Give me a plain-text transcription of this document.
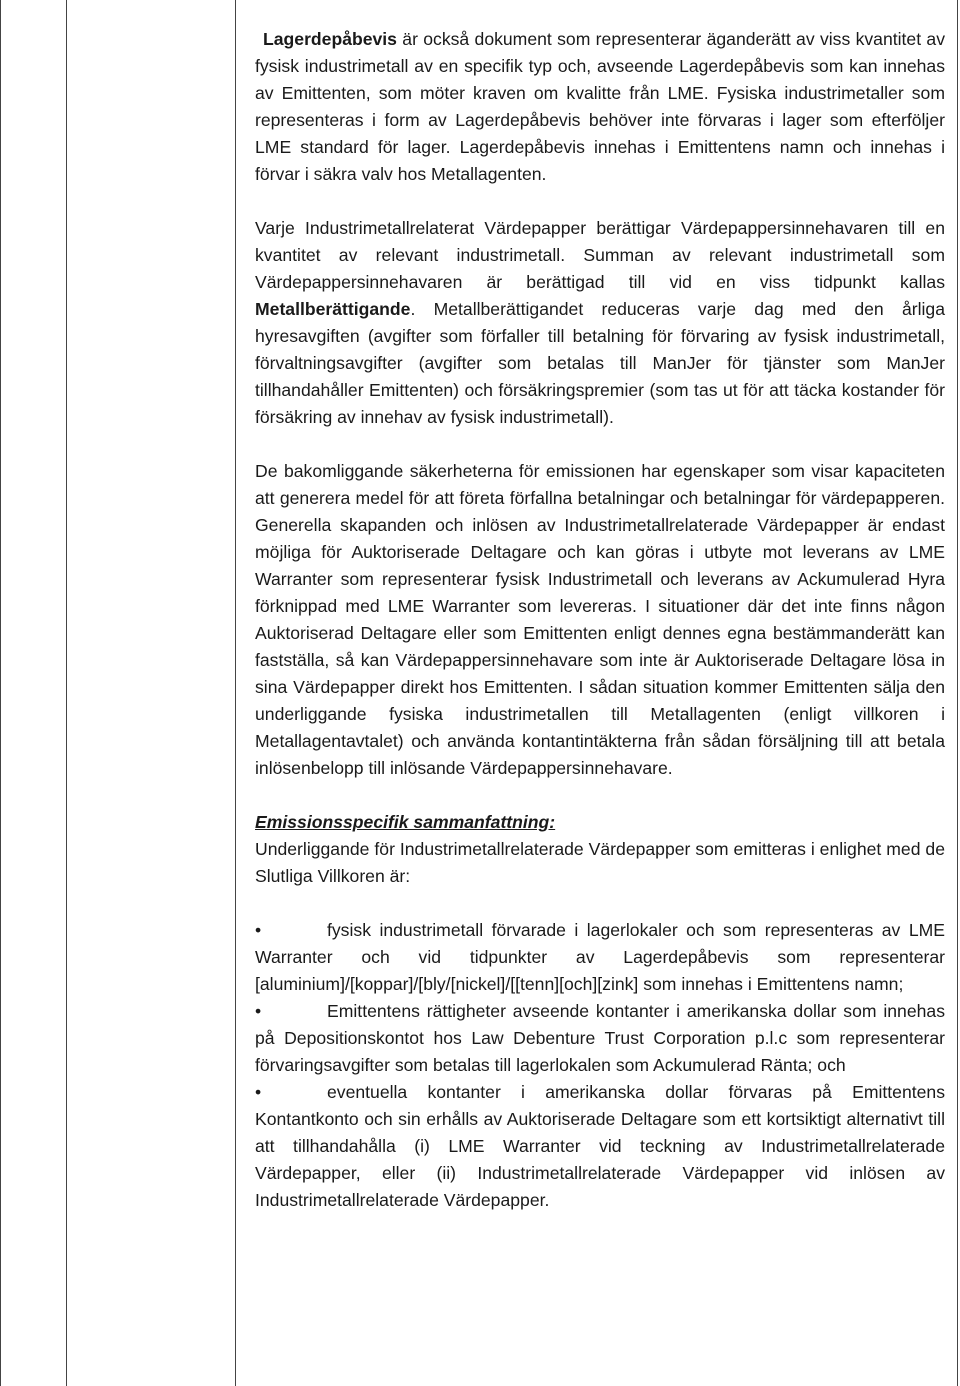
Lagerdepåbevis är också dokument som representerar äganderätt av viss kvantitet av fysisk industrimetall av en specifik typ och, avseende Lagerdepåbevis som kan innehas av Emittenten, som möter kraven om kvalitte från LME. Fysiska industrimetaller som representeras i form av Lagerdepåbevis behöver inte förvaras i lager som efterföljer LME standard för lager. Lagerdepåbevis innehas i Emittentens namn och innehas i förvar i säkra valv hos Metallagenten.

Varje Industrimetallrelaterat Värdepapper berättigar Värdepappersinnehavaren till en kvantitet av relevant industrimetall. Summan av relevant industrimetall som Värdepappersinnehavaren är berättigad till vid en viss tidpunkt kallas Metallberättigande. Metallberättigandet reduceras varje dag med den årliga hyresavgiften (avgifter som förfaller till betalning för förvaring av fysisk industrimetall, förvaltningsavgifter (avgifter som betalas till ManJer för tjänster som ManJer tillhandahåller Emittenten) och försäkringspremier (som tas ut för att täcka kostander för försäkring av innehav av fysisk industrimetall).

De bakomliggande säkerheterna för emissionen har egenskaper som visar kapaciteten att generera medel för att företa förfallna betalningar och betalningar för värdepapperen. Generella skapanden och inlösen av Industrimetallrelaterade Värdepapper är endast möjliga för Auktoriserade Deltagare och kan göras i utbyte mot leverans av LME Warranter som representerar fysisk Industrimetall och leverans av Ackumulerad Hyra förknippad med LME Warranter som levereras. I situationer där det inte finns någon Auktoriserad Deltagare eller som Emittenten enligt dennes egna bestämmanderätt kan fastställa, så kan Värdepappersinnehavare som inte är Auktoriserade Deltagare lösa in sina Värdepapper direkt hos Emittenten. I sådan situation kommer Emittenten sälja den underliggande fysiska industrimetallen till Metallagenten (enligt villkoren i Metallagentavtalet) och använda kontantintäkterna från sådan försäljning till att betala inlösenbelopp till inlösande Värdepappersinnehavare.

Emissionsspecifik sammanfattning:

Underliggande för Industrimetallrelaterade Värdepapper som emitteras i enlighet med de Slutliga Villkoren är:

•	fysisk industrimetall förvarade i lagerlokaler och som representeras av LME Warranter och vid tidpunkter av Lagerdepåbevis som representerar [aluminium]/[koppar]/[bly/[nickel]/[[tenn][och][zink] som innehas i Emittentens namn;

•	Emittentens rättigheter avseende kontanter i amerikanska dollar som innehas på Depositionskontot hos Law Debenture Trust Corporation p.l.c som representerar förvaringsavgifter som betalas till lagerlokalen som Ackumulerad Ränta; och

•	eventuella kontanter i amerikanska dollar förvaras på Emittentens Kontantkonto och sin erhålls av Auktoriserade Deltagare som ett kortsiktigt alternativt till att tillhandahålla (i) LME Warranter vid teckning av Industrimetallrelaterade Värdepapper, eller (ii) Industrimetallrelaterade Värdepapper vid inlösen av Industrimetallrelaterade Värdepapper.
